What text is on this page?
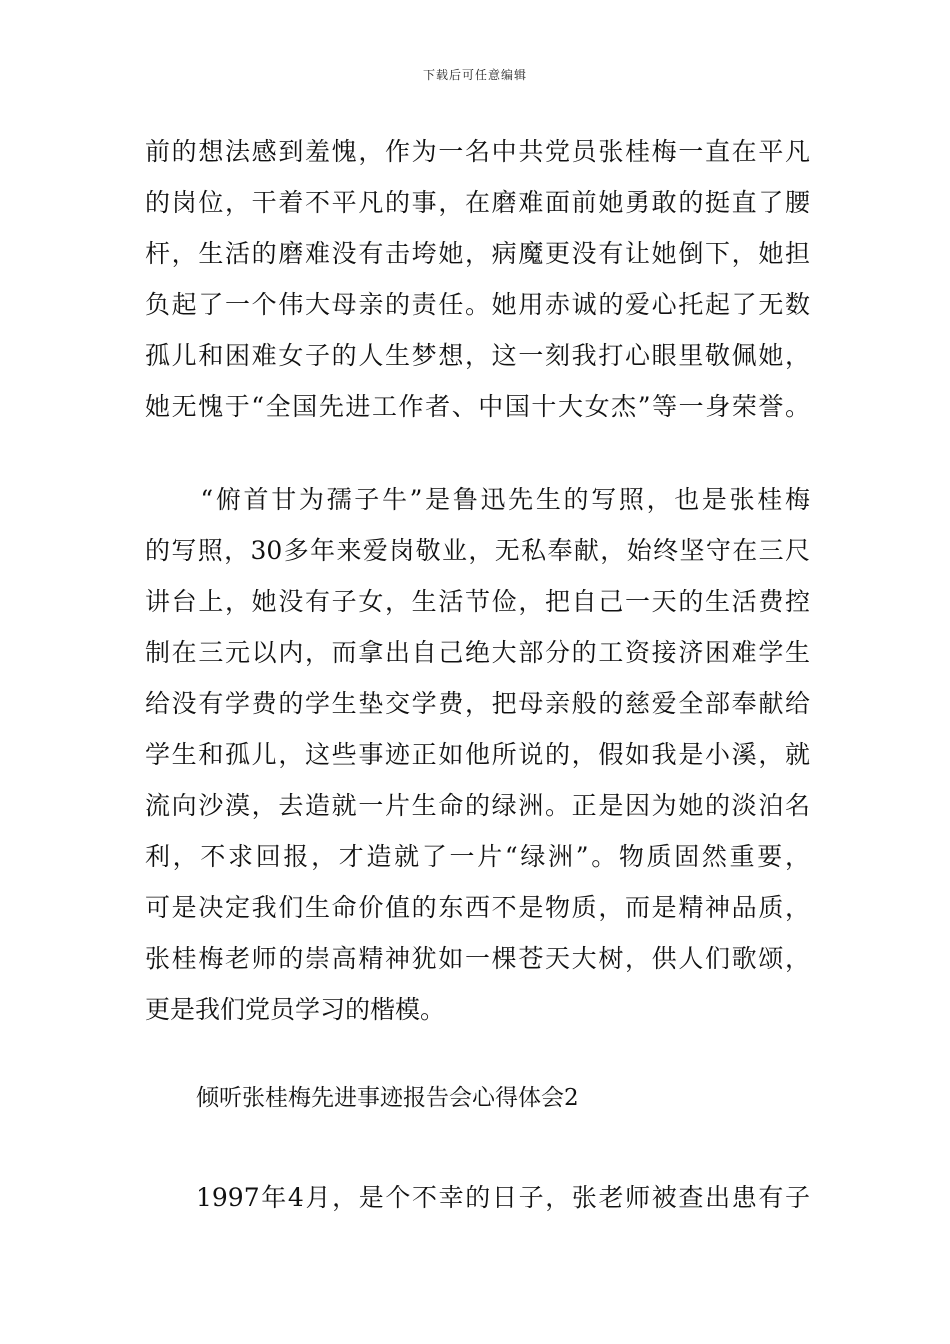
下载后可任意编辑
前的想法感到羞愧，作为一名中共党员张桂梅一直在平凡
的岗位，干着不平凡的事，在磨难面前她勇敢的挺直了腰
杆，生活的磨难没有击垮她，病魔更没有让她倒下，她担
负起了一个伟大母亲的责任。她用赤诚的爱心托起了无数
孤儿和困难女子的人生梦想，这一刻我打心眼里敬佩她，
她无愧于“全国先进工作者、中国十大女杰”等一身荣誉。
　　“俯首甘为孺子牛”是鲁迅先生的写照，也是张桂梅
的写照，30多年来爱岗敬业，无私奉献，始终坚守在三尺
讲台上，她没有子女，生活节俭，把自己一天的生活费控
制在三元以内，而拿出自己绝大部分的工资接济困难学生
给没有学费的学生垫交学费，把母亲般的慈爱全部奉献给
学生和孤儿，这些事迹正如他所说的，假如我是小溪，就
流向沙漠，去造就一片生命的绿洲。正是因为她的淡泊名
利，不求回报，才造就了一片“绿洲”。物质固然重要，
可是决定我们生命价值的东西不是物质，而是精神品质，
张桂梅老师的崇高精神犹如一棵苍天大树，供人们歌颂，
更是我们党员学习的楷模。
倾听张桂梅先进事迹报告会心得体会2
1997年4月，是个不幸的日子，张老师被查出患有子
